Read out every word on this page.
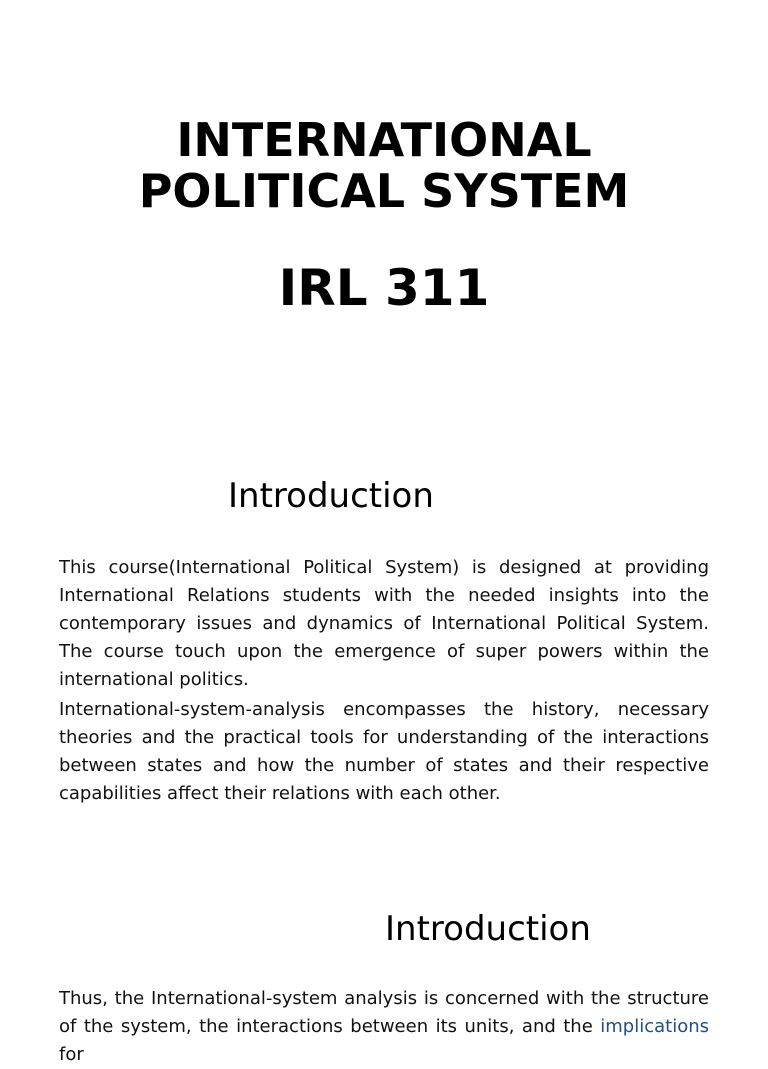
INTERNATIONAL
POLITICAL SYSTEM
IRL 311
Introduction

This course(International Political System) is designed at providing International Relations students with the needed insights into the contemporary issues and dynamics of International Political System. The course touch upon the emergence of super powers within the international politics.

International-system-analysis encompasses the history, necessary theories and the practical tools for understanding of the interactions between states and how the number of states and their respective capabilities affect their relations with each other.

Introduction

Thus, the International-system analysis is concerned with the structure of the system, the interactions between its units, and the implications for
